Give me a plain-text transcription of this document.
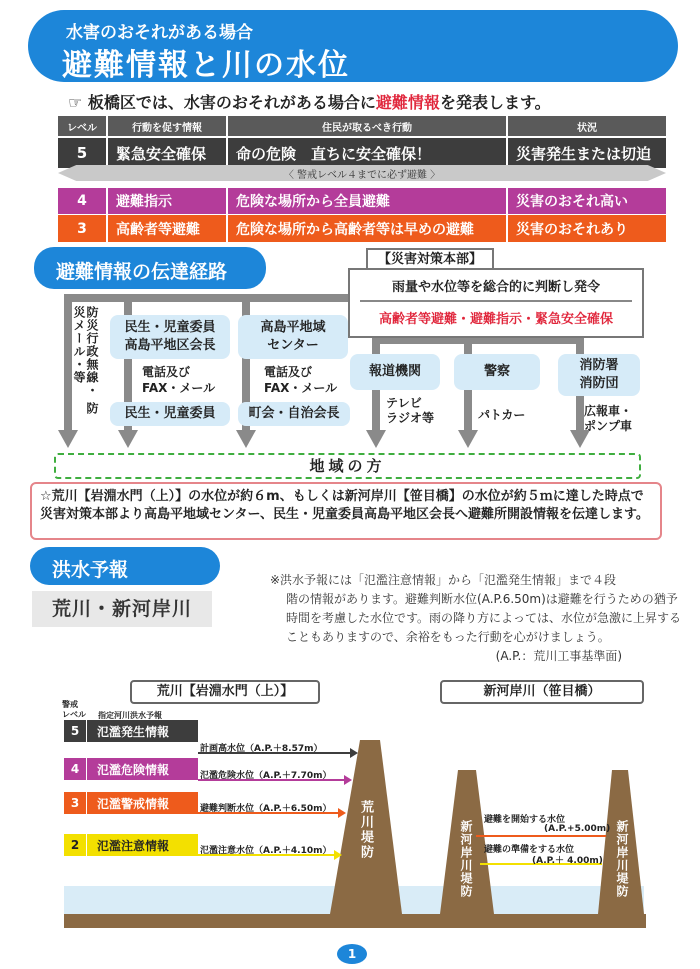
水害のおそれがある場合
避難情報と川の水位
☞ 板橋区では、水害のおそれがある場合に避難情報を発表します。
レベル	行動を促す情報	住民が取るべき行動	状況
5	緊急安全確保	命の危険　直ちに安全確保！	災害発生または切迫
4	避難指示	危険な場所から全員避難	災害のおそれ高い
3	高齢者等避難	危険な場所から高齢者等は早めの避難	災害のおそれあり
〈 警戒レベル４までに必ず避難 〉
避難情報の伝達経路
【災害対策本部】
雨量や水位等を総合的に判断し発令
高齢者等避難・避難指示・緊急安全確保
防災行政無線・ 防災メール・等	民生・児童委員
高島平地区会長
電話及び
FAX・メール
民生・児童委員
高島平地域
センター
電話及び
FAX・メール
町会・自治会長
報道機関
テレビ
ラジオ等
警察
パトカー
消防署
消防団
広報車・
ポンプ車
地域の方
☆荒川【岩淵水門（上）】の水位が約６m、もしくは新河岸川【笹目橋】の水位が約５ｍに達した時点で災害対策本部より高島平地域センター、民生・児童委員高島平地区会長へ避難所開設情報を伝達します。
洪水予報
荒川・新河岸川
※洪水予報には「氾濫注意情報」から「氾濫発生情報」まで４段
階の情報があります。避難判断水位(A.P.6.50m)は避難を行うための猶予時間を考慮した水位です。雨の降り方によっては、水位が急激に上昇することもありますので、余裕をもった行動を心がけましょう。
(A.P.：荒川工事基準面)
荒川【岩淵水門（上）】	新河岸川（笹目橋）
警戒
レベル 指定河川洪水予報
5	氾濫発生情報
4	氾濫危険情報
3	氾濫警戒情報
2	氾濫注意情報
計画高水位（A.P.＋8.57m）
氾濫危険水位（A.P.＋7.70m）
避難判断水位（A.P.＋6.50m）
氾濫注意水位（A.P.＋4.10m） 荒川堤防	新河岸川堤防	新河岸川堤防
避難を開始する水位
(A.P.+5.00m)
避難の準備をする水位
(A.P.＋ 4.00m)
1
